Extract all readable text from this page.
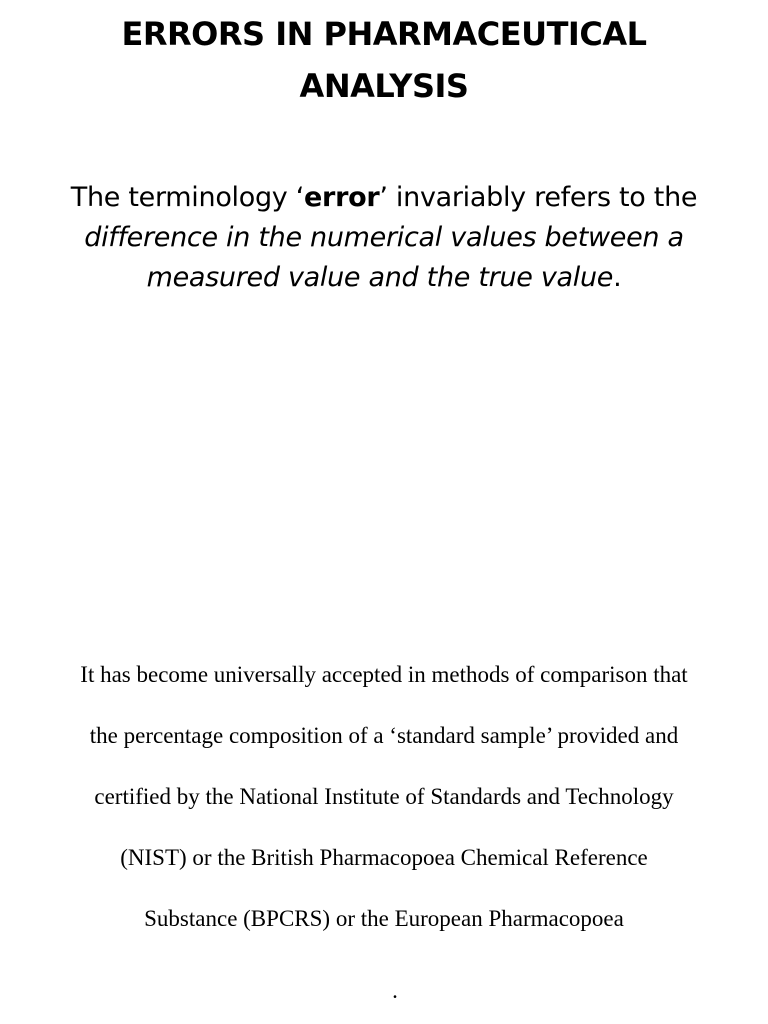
ERRORS IN PHARMACEUTICAL
ANALYSIS

The terminology ‘error’ invariably refers to the
difference in the numerical values between a
measured value and the true value.

It has become universally accepted in methods of comparison that
the percentage composition of a ‘standard sample’ provided and
certified by the National Institute of Standards and Technology
(NIST) or the British Pharmacopoea Chemical Reference
Substance (BPCRS) or the European Pharmacopoea

.
